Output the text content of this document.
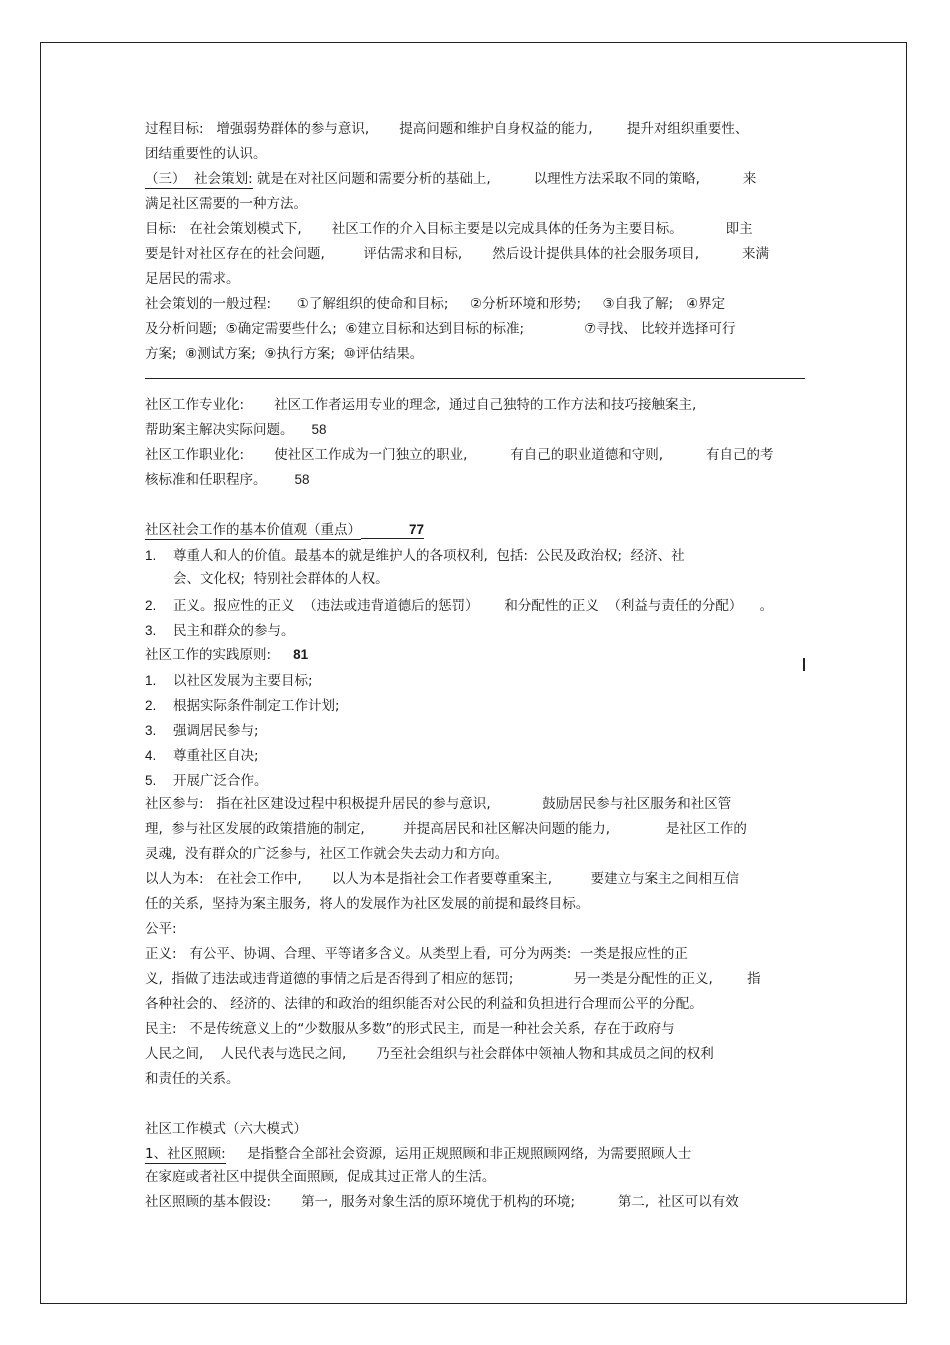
过程目标:   增强弱势群体的参与意识,       提高问题和维护自身权益的能力,        提升对组织重要性、
团结重要性的认识。
（三）  社会策划: 就是在对社区问题和需要分析的基础上,          以理性方法采取不同的策略,          来
满足社区需要的一种方法。
目标:   在社会策划模式下,       社区工作的介入目标主要是以完成具体的任务为主要目标。          即主
要是针对社区存在的社会问题,         评估需求和目标,       然后设计提供具体的社会服务项目,          来满
足居民的需求。
社会策划的一般过程:      ①了解组织的使命和目标;     ②分析环境和形势;     ③自我了解;   ④界定
及分析问题;  ⑤确定需要些什么;  ⑥建立目标和达到目标的标准;              ⑦寻找、 比较并选择可行
方案;  ⑧测试方案;  ⑨执行方案;  ⑩评估结果。
社区工作专业化:       社区工作者运用专业的理念,  通过自己独特的工作方法和技巧接触案主,
帮助案主解决实际问题。 58
社区工作职业化:       使社区工作成为一门独立的职业,          有自己的职业道德和守则,          有自己的考
核标准和任职程序。 58
社区社会工作的基本价值观（重点）	77
1. 尊重人和人的价值。最基本的就是维护人的各项权利,  包括:  公民及政治权;  经济、社
会、文化权;  特别社会群体的人权。
2. 正义。报应性的正义  （违法或违背道德后的惩罚）      和分配性的正义  （利益与责任的分配）    。
3. 民主和群众的参与。
社区工作的实践原则: 81
1. 以社区发展为主要目标;
2. 根据实际条件制定工作计划;
3. 强调居民参与;
4. 尊重社区自决;
5. 开展广泛合作。
社区参与:   指在社区建设过程中积极提升居民的参与意识,            鼓励居民参与社区服务和社区管
理,  参与社区发展的政策措施的制定,         并提高居民和社区解决问题的能力,             是社区工作的
灵魂,  没有群众的广泛参与,  社区工作就会失去动力和方向。
以人为本:   在社会工作中,       以人为本是指社会工作者要尊重案主,         要建立与案主之间相互信
任的关系,  坚持为案主服务,  将人的发展作为社区发展的前提和最终目标。
公平:
正义:   有公平、协调、合理、平等诸多含义。从类型上看,  可分为两类:  一类是报应性的正
义,  指做了违法或违背道德的事情之后是否得到了相应的惩罚;              另一类是分配性的正义,        指
各种社会的、 经济的、法律的和政治的组织能否对公民的利益和负担进行合理而公平的分配。
民主:   不是传统意义上的“少数服从多数”的形式民主,  而是一种社会关系,  存在于政府与
人民之间,    人民代表与选民之间,       乃至社会组织与社会群体中领袖人物和其成员之间的权利
和责任的关系。
社区工作模式（六大模式）
1、社区照顾:     是指整合全部社会资源,  运用正规照顾和非正规照顾网络,  为需要照顾人士
在家庭或者社区中提供全面照顾,  促成其过正常人的生活。
社区照顾的基本假设:       第一,  服务对象生活的原环境优于机构的环境;          第二,  社区可以有效
